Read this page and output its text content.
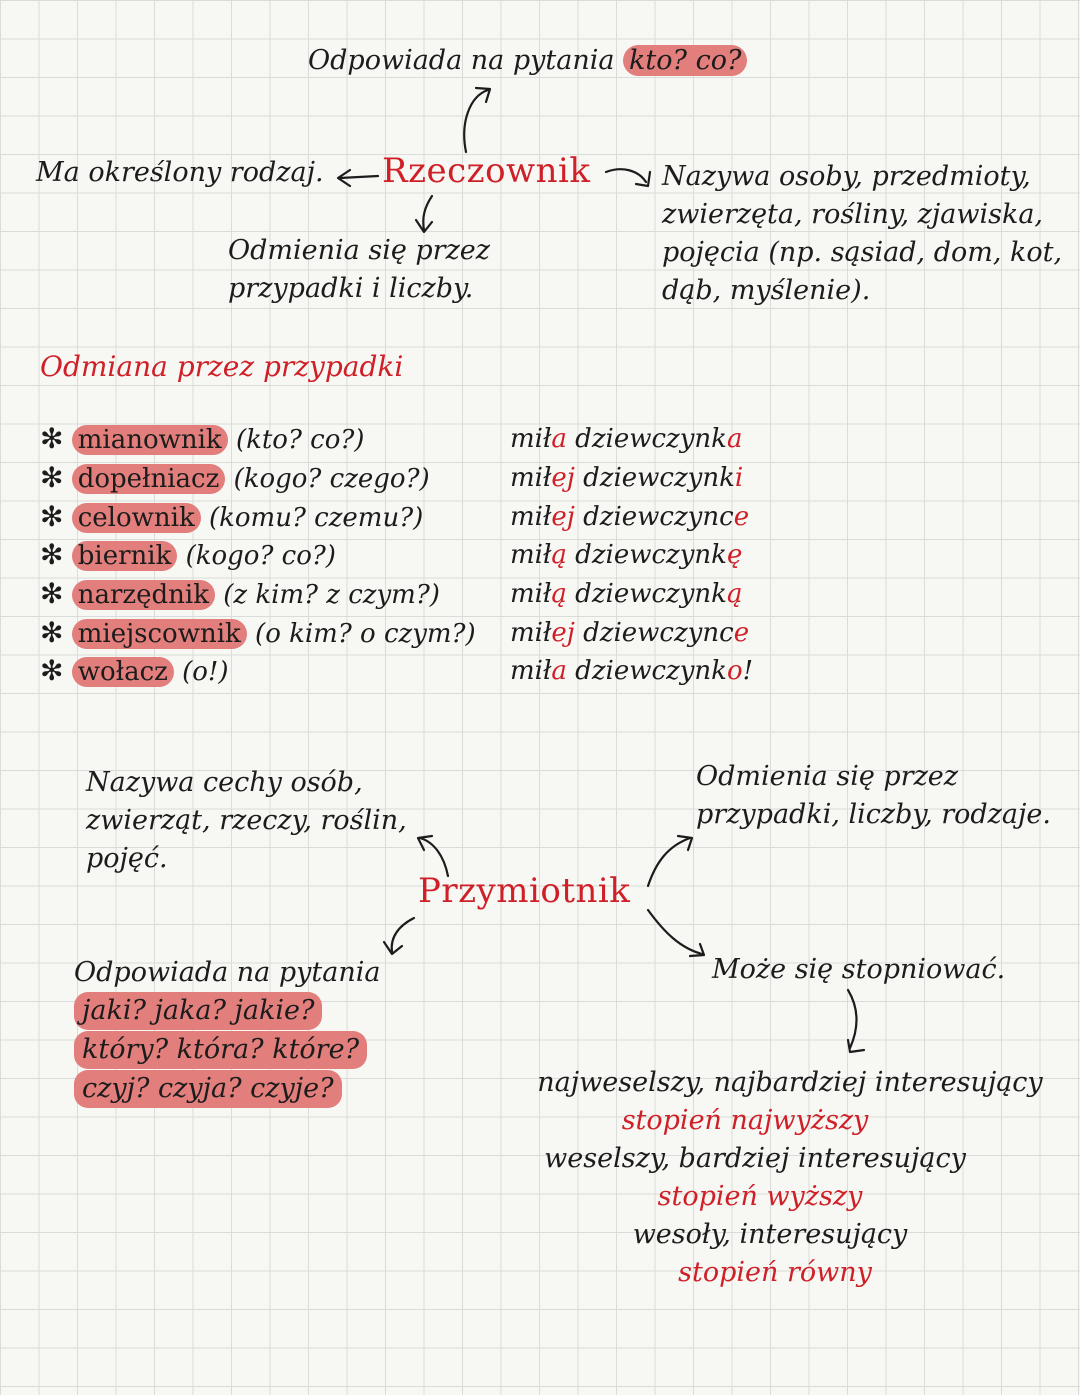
Odpowiada na pytania kto? co?
Ma określony rodzaj. Rzeczownik	Nazywa osoby, przedmioty,
zwierzęta, rośliny, zjawiska,
pojęcia (np. sąsiad, dom, kot,
dąb, myślenie).
Odmienia się przez
przypadki i liczby.
Odmiana przez przypadki
✻ mianownik (kto? co?)
✻ dopełniacz (kogo? czego?)
✻ celownik (komu? czemu?)
✻ biernik (kogo? co?)
✻ narzędnik (z kim? z czym?)
✻ miejscownik (o kim? o czym?)
✻ wołacz (o!)
miła dziewczynka
miłej dziewczynki
miłej dziewczynce
miłą dziewczynkę
miłą dziewczynką
miłej dziewczynce
miła dziewczynko!
Nazywa cechy osób,
zwierząt, rzeczy, roślin,
pojęć.
Odmienia się przez
przypadki, liczby, rodzaje.
Przymiotnik
Odpowiada na pytania
jaki? jaka? jakie?
który? która? które?
czyj? czyja? czyje?
Może się stopniować.
najweselszy, najbardziej interesujący
stopień najwyższy
weselszy, bardziej interesujący
stopień wyższy
wesoły, interesujący
stopień równy
